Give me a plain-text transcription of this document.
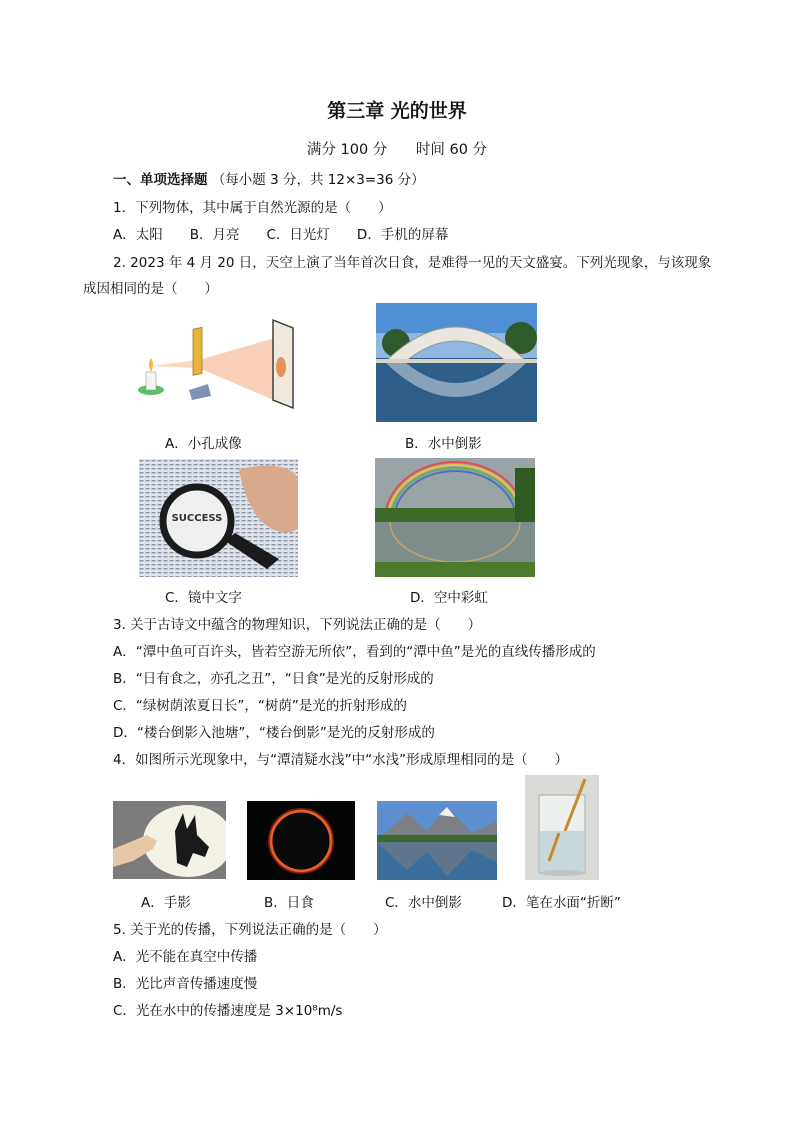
第三章 光的世界
满分 100 分 时间 60 分
一、单项选择题 （每小题 3 分，共 12×3=36 分）
1．下列物体，其中属于自然光源的是（　　）
A．太阳　　B．月亮　　C．日光灯　　D．手机的屏幕
2. 2023 年 4 月 20 日，天空上演了当年首次日食，是难得一见的天文盛宴。下列光现象，与该现象
成因相同的是（　　）
A．小孔成像	B．水中倒影
SUCCESS
C．镜中文字	D．空中彩虹
3. 关于古诗文中蕴含的物理知识，下列说法正确的是（　　）
A．“潭中鱼可百许头，皆若空游无所依”，看到的“潭中鱼”是光的直线传播形成的
B．“日有食之，亦孔之丑”，“日食”是光的反射形成的
C．“绿树荫浓夏日长”，“树荫”是光的折射形成的
D．“楼台倒影入池塘”，“楼台倒影”是光的反射形成的
4．如图所示光现象中，与“潭清疑水浅”中“水浅”形成原理相同的是（　　）
A．手影	B．日食	C．水中倒影	D．笔在水面“折断”
5. 关于光的传播，下列说法正确的是（　　）
A．光不能在真空中传播
B．光比声音传播速度慢
C．光在水中的传播速度是 3×10⁸m/s
